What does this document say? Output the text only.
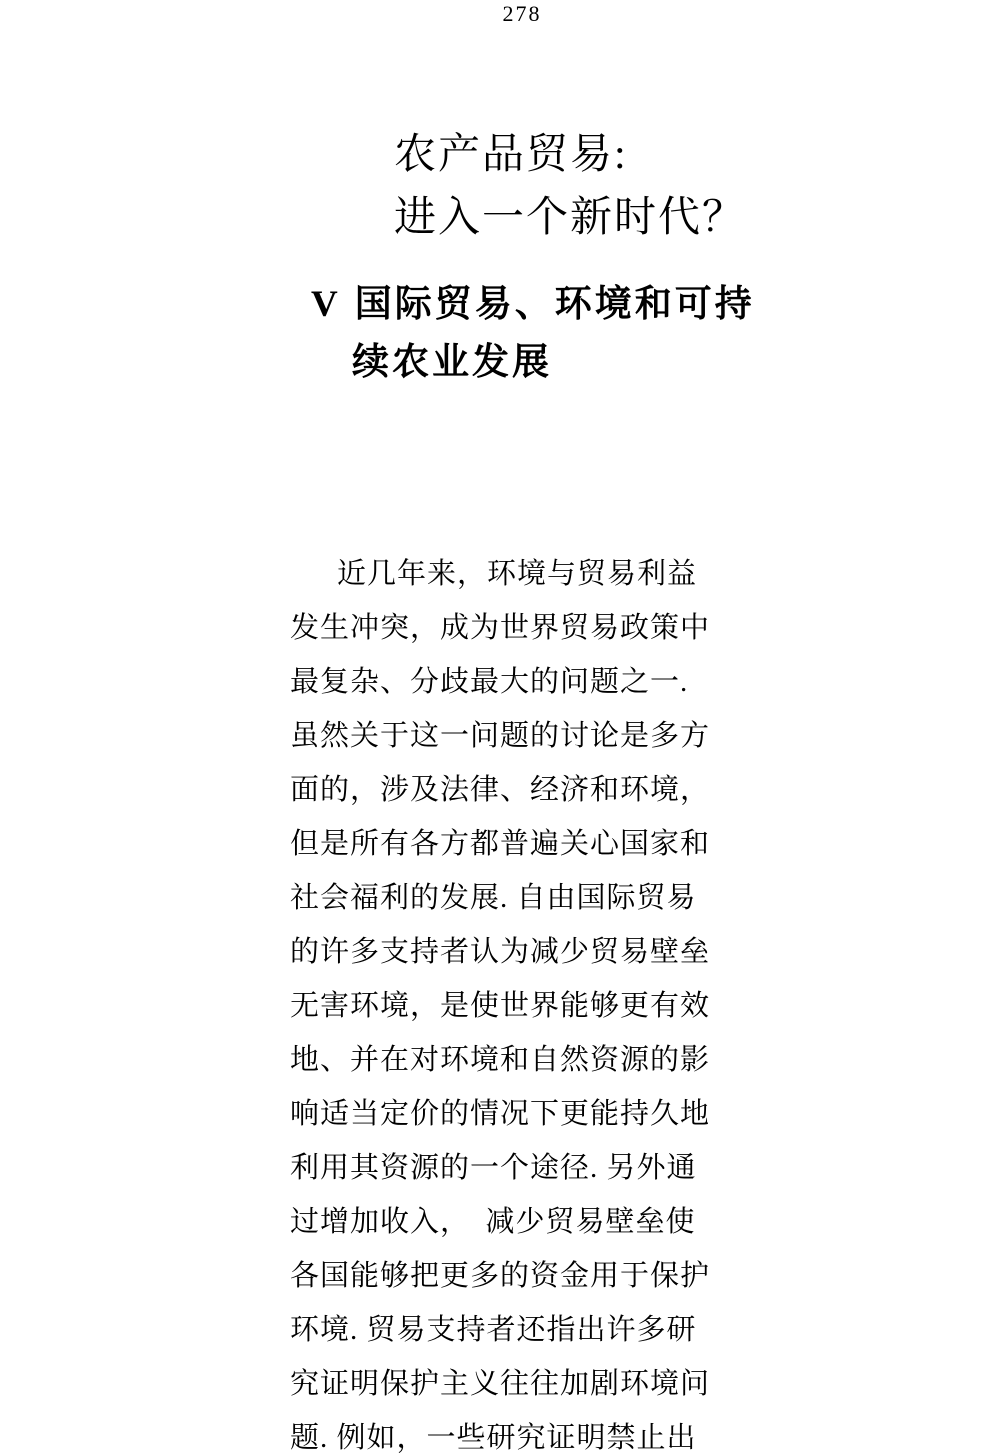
278
农产品贸易:
进入一个新时代？
V 国际贸易、环境和可持
续农业发展
近几年来，环境与贸易利益
发生冲突，成为世界贸易政策中
最复杂、分歧最大的问题之一.
虽然关于这一问题的讨论是多方
面的，涉及法律、经济和环境，
但是所有各方都普遍关心国家和
社会福利的发展. 自由国际贸易
的许多支持者认为减少贸易壁垒
无害环境，是使世界能够更有效
地、并在对环境和自然资源的影
响适当定价的情况下更能持久地
利用其资源的一个途径. 另外通
过增加收入，　减少贸易壁垒使
各国能够把更多的资金用于保护
环境. 贸易支持者还指出许多研
究证明保护主义往往加剧环境问
题. 例如，一些研究证明禁止出
